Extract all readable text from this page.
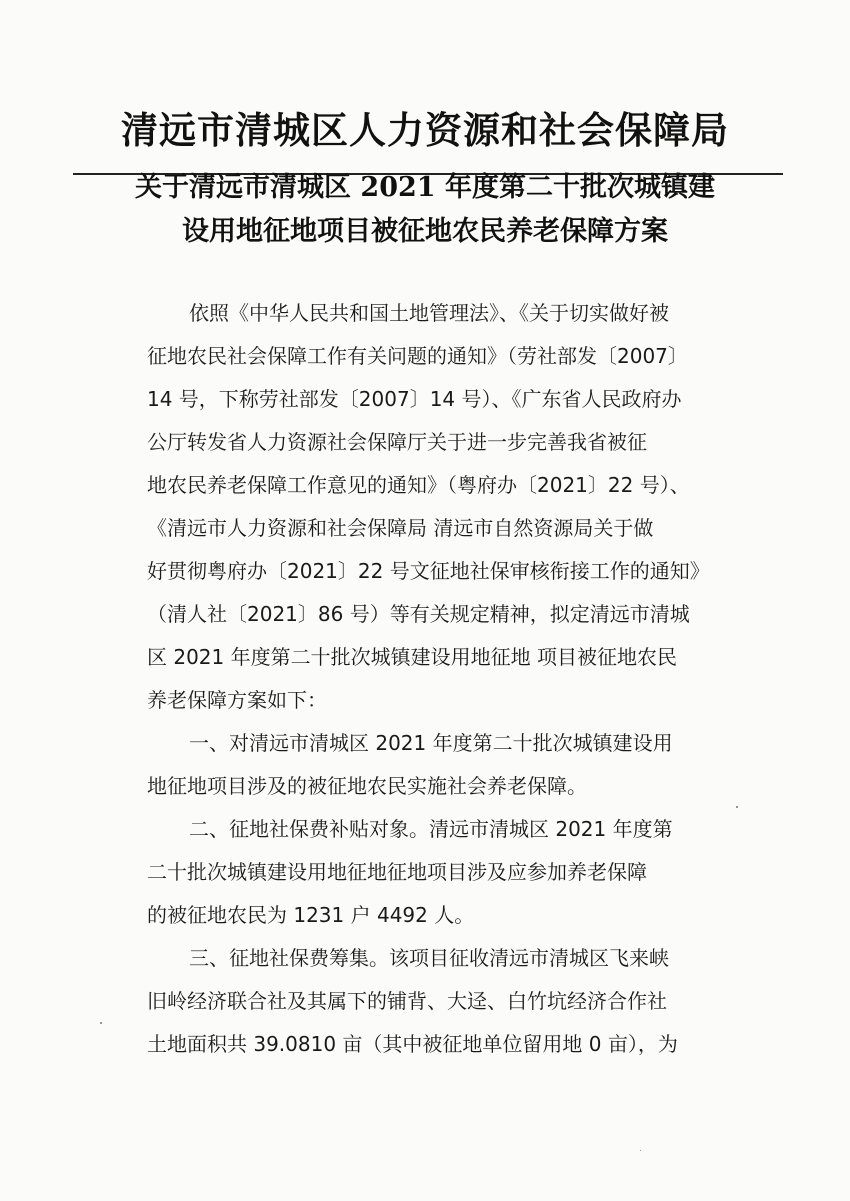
清远市清城区人力资源和社会保障局
关于清远市清城区 2021 年度第二十批次城镇建
设用地征地项目被征地农民养老保障方案
依照《中华人民共和国土地管理法》、《关于切实做好被
征地农民社会保障工作有关问题的通知》（劳社部发〔2007〕
14 号，下称劳社部发〔2007〕14 号）、《广东省人民政府办
公厅转发省人力资源社会保障厅关于进一步完善我省被征
地农民养老保障工作意见的通知》（粤府办〔2021〕22 号）、
《清远市人力资源和社会保障局 清远市自然资源局关于做
好贯彻粤府办〔2021〕22 号文征地社保审核衔接工作的通知》
（清人社〔2021〕86 号）等有关规定精神，拟定清远市清城
区 2021 年度第二十批次城镇建设用地征地 项目被征地农民
养老保障方案如下：
一、对清远市清城区 2021 年度第二十批次城镇建设用
地征地项目涉及的被征地农民实施社会养老保障。
二、征地社保费补贴对象。清远市清城区 2021 年度第
二十批次城镇建设用地征地征地项目涉及应参加养老保障
的被征地农民为 1231 户 4492 人。
三、征地社保费筹集。该项目征收清远市清城区飞来峡
旧岭经济联合社及其属下的铺背、大迳、白竹坑经济合作社
土地面积共 39.0810 亩（其中被征地单位留用地 0 亩），为
